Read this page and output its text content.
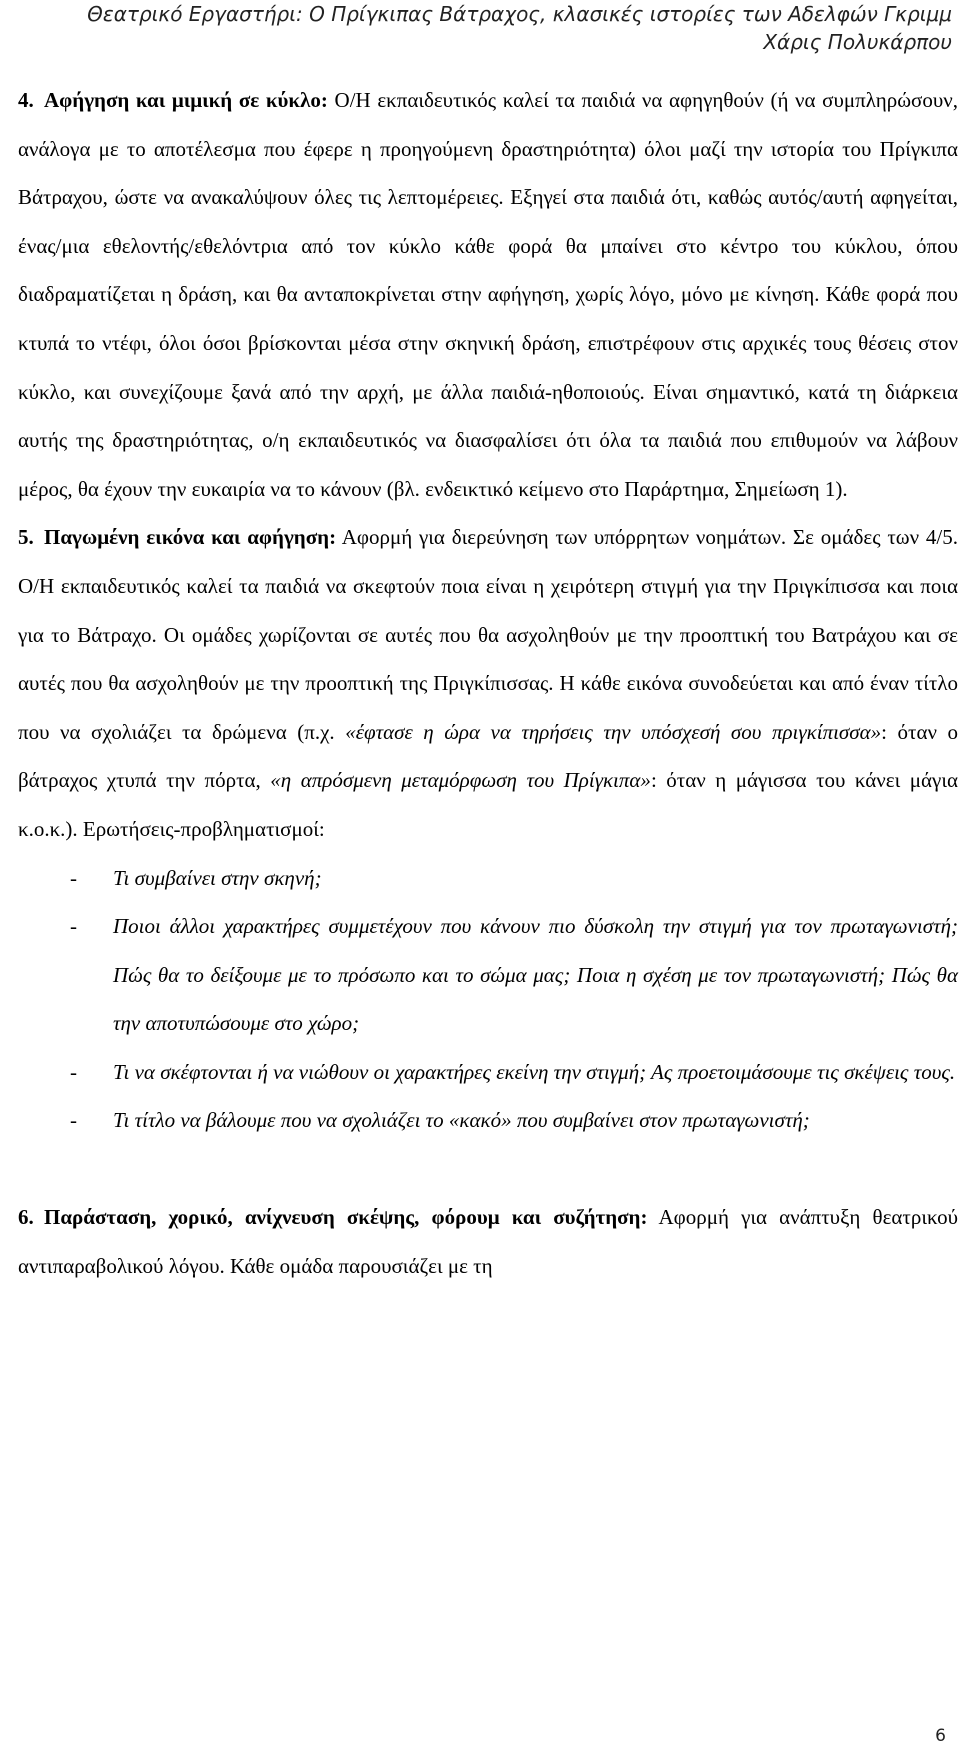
Θεατρικό Εργαστήρι: Ο Πρίγκιπας Βάτραχος, κλασικές ιστορίες των Αδελφών Γκριμμ
Χάρις Πολυκάρπου

4. Αφήγηση και μιμική σε κύκλο: Ο/Η εκπαιδευτικός καλεί τα παιδιά να αφηγηθούν (ή να συμπληρώσουν, ανάλογα με το αποτέλεσμα που έφερε η προηγούμενη δραστηριότητα) όλοι μαζί την ιστορία του Πρίγκιπα Βάτραχου, ώστε να ανακαλύψουν όλες τις λεπτομέρειες. Εξηγεί στα παιδιά ότι, καθώς αυτός/αυτή αφηγείται, ένας/μια εθελοντής/εθελόντρια από τον κύκλο κάθε φορά θα μπαίνει στο κέντρο του κύκλου, όπου διαδραματίζεται η δράση, και θα ανταποκρίνεται στην αφήγηση, χωρίς λόγο, μόνο με κίνηση. Κάθε φορά που κτυπά το ντέφι, όλοι όσοι βρίσκονται μέσα στην σκηνική δράση, επιστρέφουν στις αρχικές τους θέσεις στον κύκλο, και συνεχίζουμε ξανά από την αρχή, με άλλα παιδιά-ηθοποιούς. Είναι σημαντικό, κατά τη διάρκεια αυτής της δραστηριότητας, ο/η εκπαιδευτικός να διασφαλίσει ότι όλα τα παιδιά που επιθυμούν να λάβουν μέρος, θα έχουν την ευκαιρία να το κάνουν (βλ. ενδεικτικό κείμενο στο Παράρτημα, Σημείωση 1).

5. Παγωμένη εικόνα και αφήγηση: Αφορμή για διερεύνηση των υπόρρητων νοημάτων. Σε ομάδες των 4/5. Ο/Η εκπαιδευτικός καλεί τα παιδιά να σκεφτούν ποια είναι η χειρότερη στιγμή για την Πριγκίπισσα και ποια για το Βάτραχο. Οι ομάδες χωρίζονται σε αυτές που θα ασχοληθούν με την προοπτική του Βατράχου και σε αυτές που θα ασχοληθούν με την προοπτική της Πριγκίπισσας. Η κάθε εικόνα συνοδεύεται και από έναν τίτλο που να σχολιάζει τα δρώμενα (π.χ. «έφτασε η ώρα να τηρήσεις την υπόσχεσή σου πριγκίπισσα»: όταν ο βάτραχος χτυπά την πόρτα, «η απρόσμενη μεταμόρφωση του Πρίγκιπα»: όταν η μάγισσα του κάνει μάγια κ.ο.κ.). Ερωτήσεις-προβληματισμοί:

- Τι συμβαίνει στην σκηνή;
- Ποιοι άλλοι χαρακτήρες συμμετέχουν που κάνουν πιο δύσκολη την στιγμή για τον πρωταγωνιστή; Πώς θα το δείξουμε με το πρόσωπο και το σώμα μας; Ποια η σχέση με τον πρωταγωνιστή; Πώς θα την αποτυπώσουμε στο χώρο;
- Τι να σκέφτονται ή να νιώθουν οι χαρακτήρες εκείνη την στιγμή; Ας προετοιμάσουμε τις σκέψεις τους.
- Τι τίτλο να βάλουμε που να σχολιάζει το «κακό» που συμβαίνει στον πρωταγωνιστή;

6. Παράσταση, χορικό, ανίχνευση σκέψης, φόρουμ και συζήτηση: Αφορμή για ανάπτυξη θεατρικού αντιπαραβολικού λόγου. Κάθε ομάδα παρουσιάζει με τη

6
